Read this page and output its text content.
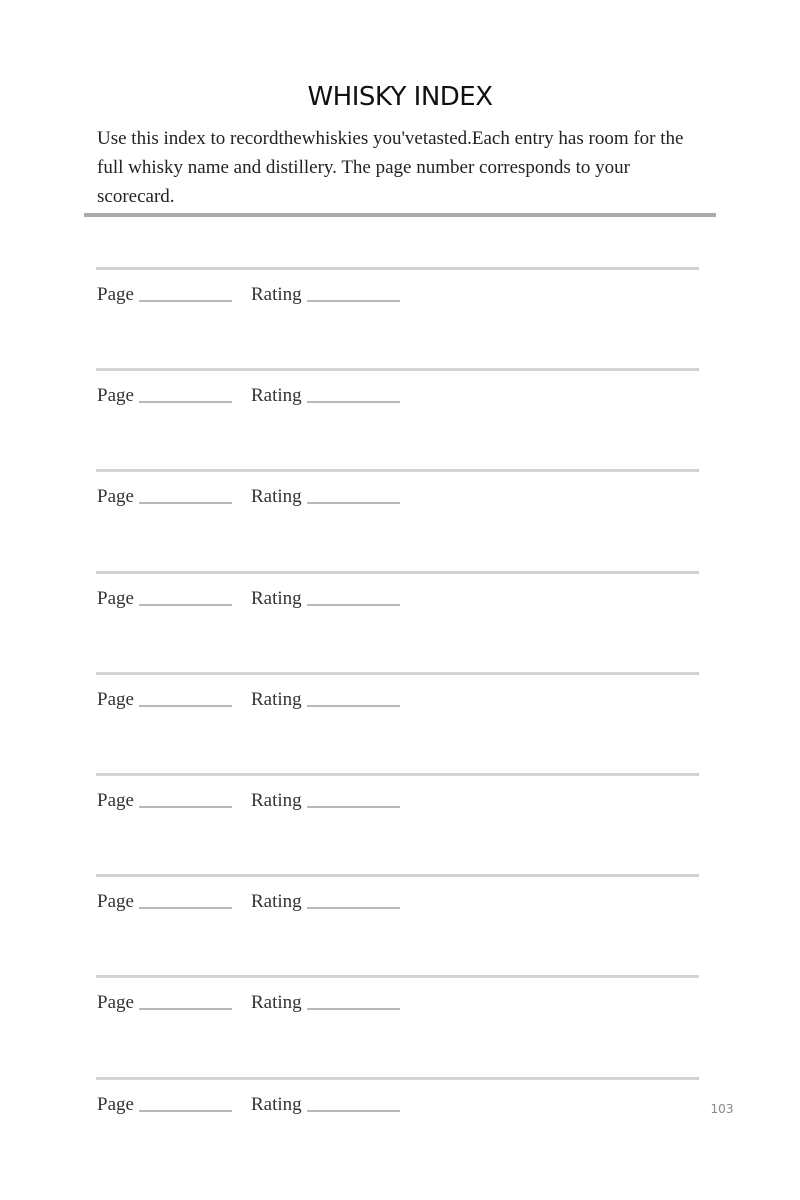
WHISKY INDEX
Use this index to recordthewhiskies you'vetasted.Each entry has room for the full whisky name and distillery. The page number corresponds to your scorecard.
Page	Rating
Page	Rating
Page	Rating
Page	Rating
Page	Rating
Page	Rating
Page	Rating
Page	Rating
Page	Rating	103
